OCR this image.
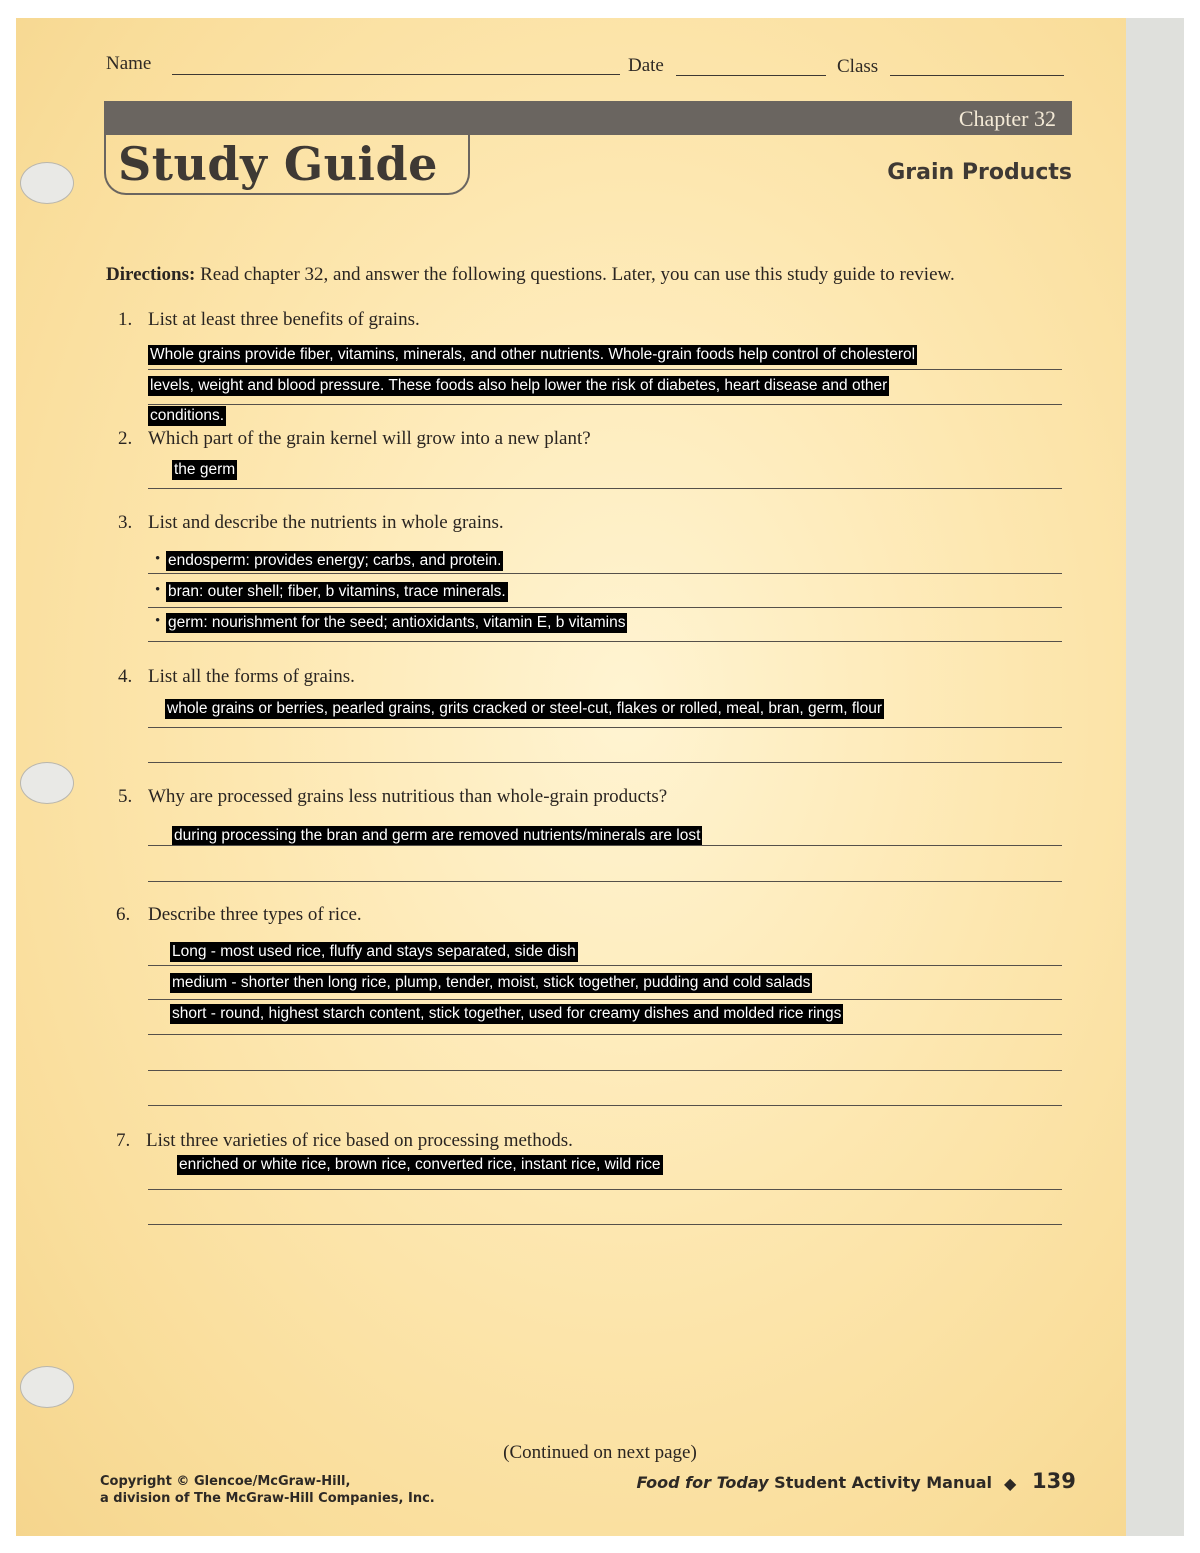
Name	Date	Class
Chapter 32
Study Guide	Grain Products
Directions: Read chapter 32, and answer the following questions. Later, you can use this study guide to review.
1. List at least three benefits of grains.
Whole grains provide fiber, vitamins, minerals, and other nutrients. Whole-grain foods help control of cholesterol
levels, weight and blood pressure. These foods also help lower the risk of diabetes, heart disease and other
conditions.
2. Which part of the grain kernel will grow into a new plant?
the germ
3. List and describe the nutrients in whole grains.
• endosperm: provides energy; carbs, and protein.
• bran: outer shell; fiber, b vitamins, trace minerals.
• germ: nourishment for the seed; antioxidants, vitamin E, b vitamins
4. List all the forms of grains.
whole grains or berries, pearled grains, grits cracked or steel-cut, flakes or rolled, meal, bran, germ, flour
5. Why are processed grains less nutritious than whole-grain products?
during processing the bran and germ are removed nutrients/minerals are lost
6. Describe three types of rice.
Long - most used rice, fluffy and stays separated, side dish
medium - shorter then long rice, plump, tender, moist, stick together, pudding and cold salads
short - round, highest starch content, stick together, used for creamy dishes and molded rice rings
7. List three varieties of rice based on processing methods.
enriched or white rice, brown rice, converted rice, instant rice, wild rice
(Continued on next page)
Copyright © Glencoe/McGraw-Hill,
a division of The McGraw-Hill Companies, Inc.
Food for Today Student Activity Manual ◆ 139
